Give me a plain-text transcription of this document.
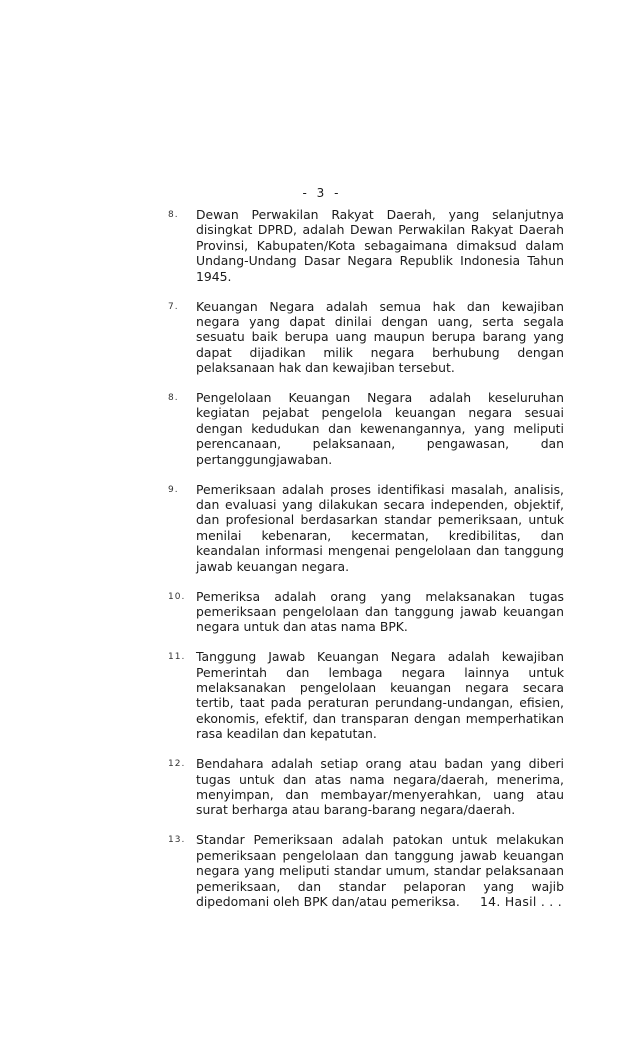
- 3 -
8.	Dewan Perwakilan Rakyat Daerah, yang selanjutnya disingkat DPRD, adalah Dewan Perwakilan Rakyat Daerah Provinsi, Kabupaten/Kota sebagaimana dimaksud dalam Undang-Undang Dasar Negara Republik Indonesia Tahun 1945.
7.	Keuangan Negara adalah semua hak dan kewajiban negara yang dapat dinilai dengan uang, serta segala sesuatu baik berupa uang maupun berupa barang yang dapat dijadikan milik negara berhubung dengan pelaksanaan hak dan kewajiban tersebut.
8.	Pengelolaan Keuangan Negara adalah keseluruhan kegiatan pejabat pengelola keuangan negara sesuai dengan kedudukan dan kewenangannya, yang meliputi perencanaan, pelaksanaan, pengawasan, dan pertanggungjawaban.
9.	Pemeriksaan adalah proses identifikasi masalah, analisis, dan evaluasi yang dilakukan secara independen, objektif, dan profesional berdasarkan standar pemeriksaan, untuk menilai kebenaran, kecermatan, kredibilitas, dan keandalan informasi mengenai pengelolaan dan tanggung jawab keuangan negara.
10. Pemeriksa adalah orang yang melaksanakan tugas pemeriksaan pengelolaan dan tanggung jawab keuangan negara untuk dan atas nama BPK.
11. Tanggung Jawab Keuangan Negara adalah kewajiban Pemerintah dan lembaga negara lainnya untuk melaksanakan pengelolaan keuangan negara secara tertib, taat pada peraturan perundang-undangan, efisien, ekonomis, efektif, dan transparan dengan memperhatikan rasa keadilan dan kepatutan.
12. Bendahara adalah setiap orang atau badan yang diberi tugas untuk dan atas nama negara/daerah, menerima, menyimpan, dan membayar/menyerahkan, uang atau surat berharga atau barang-barang negara/daerah.
13. Standar Pemeriksaan adalah patokan untuk melakukan pemeriksaan pengelolaan dan tanggung jawab keuangan negara yang meliputi standar umum, standar pelaksanaan pemeriksaan, dan standar pelaporan yang wajib dipedomani oleh BPK dan/atau pemeriksa.	14. Hasil . . .
